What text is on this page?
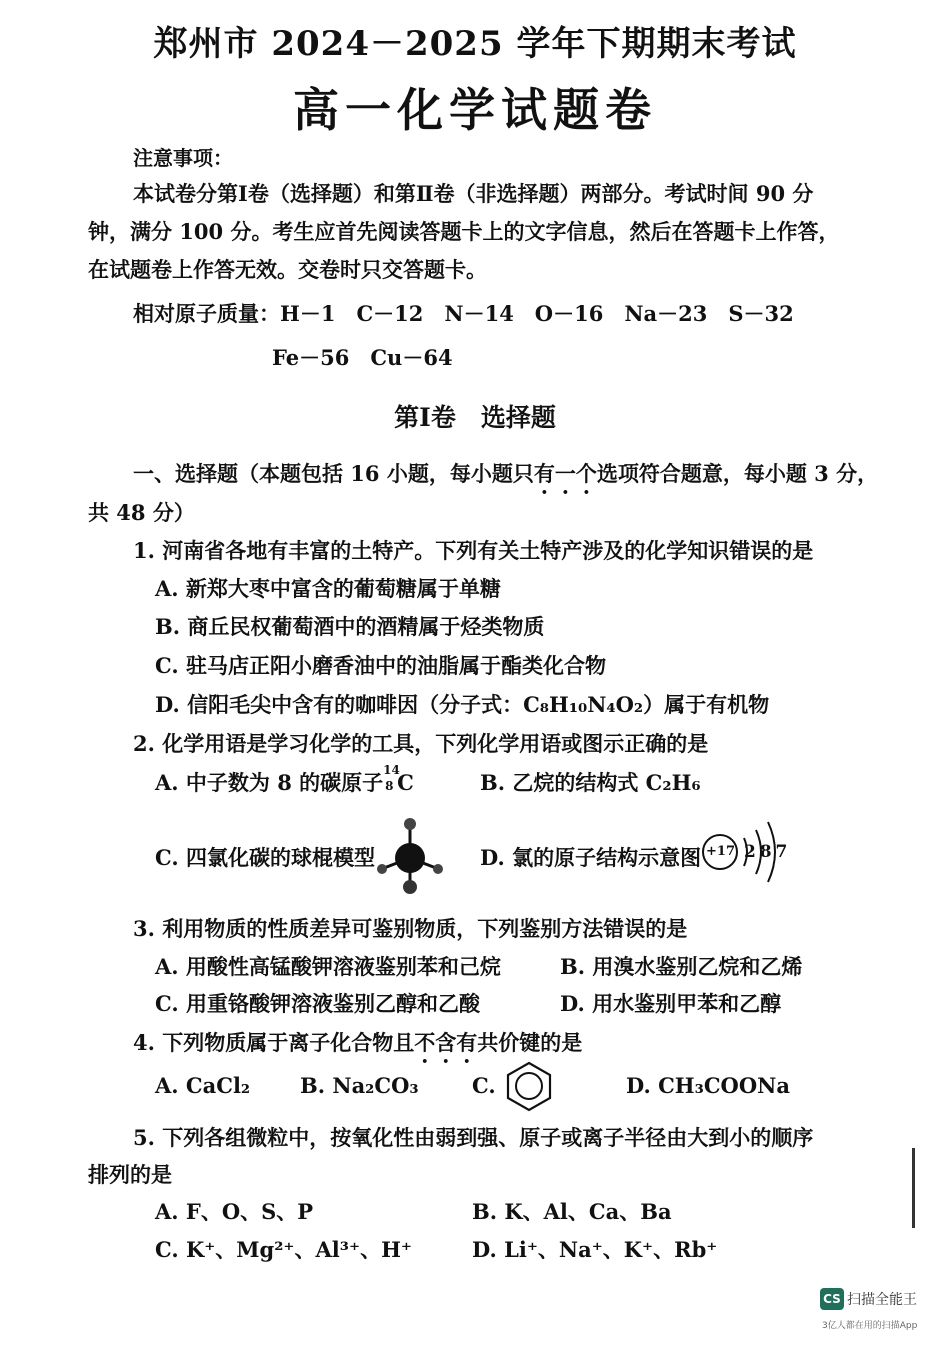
郑州市 2024－2025 学年下期期末考试
高一化学试题卷
注意事项：
本试卷分第Ⅰ卷（选择题）和第Ⅱ卷（非选择题）两部分。考试时间 90 分
钟，满分 100 分。考生应首先阅读答题卡上的文字信息，然后在答题卡上作答，
在试题卷上作答无效。交卷时只交答题卡。
相对原子质量：H－1　C－12　N－14　O－16　Na－23　S－32
Fe－56　Cu－64
第Ⅰ卷　选择题
一、选择题（本题包括 16 小题，每小题只有一个选项符合题意，每小题 3 分，
共 48 分）
1. 河南省各地有丰富的土特产。下列有关土特产涉及的化学知识错误的是
A. 新郑大枣中富含的葡萄糖属于单糖
B. 商丘民权葡萄酒中的酒精属于烃类物质
C. 驻马店正阳小磨香油中的油脂属于酯类化合物
D. 信阳毛尖中含有的咖啡因（分子式：C₈H₁₀N₄O₂）属于有机物
2. 化学用语是学习化学的工具，下列化学用语或图示正确的是
A. 中子数为 8 的碳原子 14
8 C	B. 乙烷的结构式 C₂H₆
C. 四氯化碳的球棍模型	D. 氯的原子结构示意图 +17 2 8 7
3. 利用物质的性质差异可鉴别物质，下列鉴别方法错误的是
A. 用酸性高锰酸钾溶液鉴别苯和己烷	B. 用溴水鉴别乙烷和乙烯
C. 用重铬酸钾溶液鉴别乙醇和乙酸	D. 用水鉴别甲苯和乙醇
4. 下列物质属于离子化合物且不含有共价键的是
A. CaCl₂ B. Na₂CO₃	C.	D. CH₃COONa
5. 下列各组微粒中，按氧化性由弱到强、原子或离子半径由大到小的顺序
排列的是
A. F、O、S、P	B. K、Al、Ca、Ba
C. K⁺、Mg²⁺、Al³⁺、H⁺	D. Li⁺、Na⁺、K⁺、Rb⁺
CS 扫描全能王
3亿人都在用的扫描App
